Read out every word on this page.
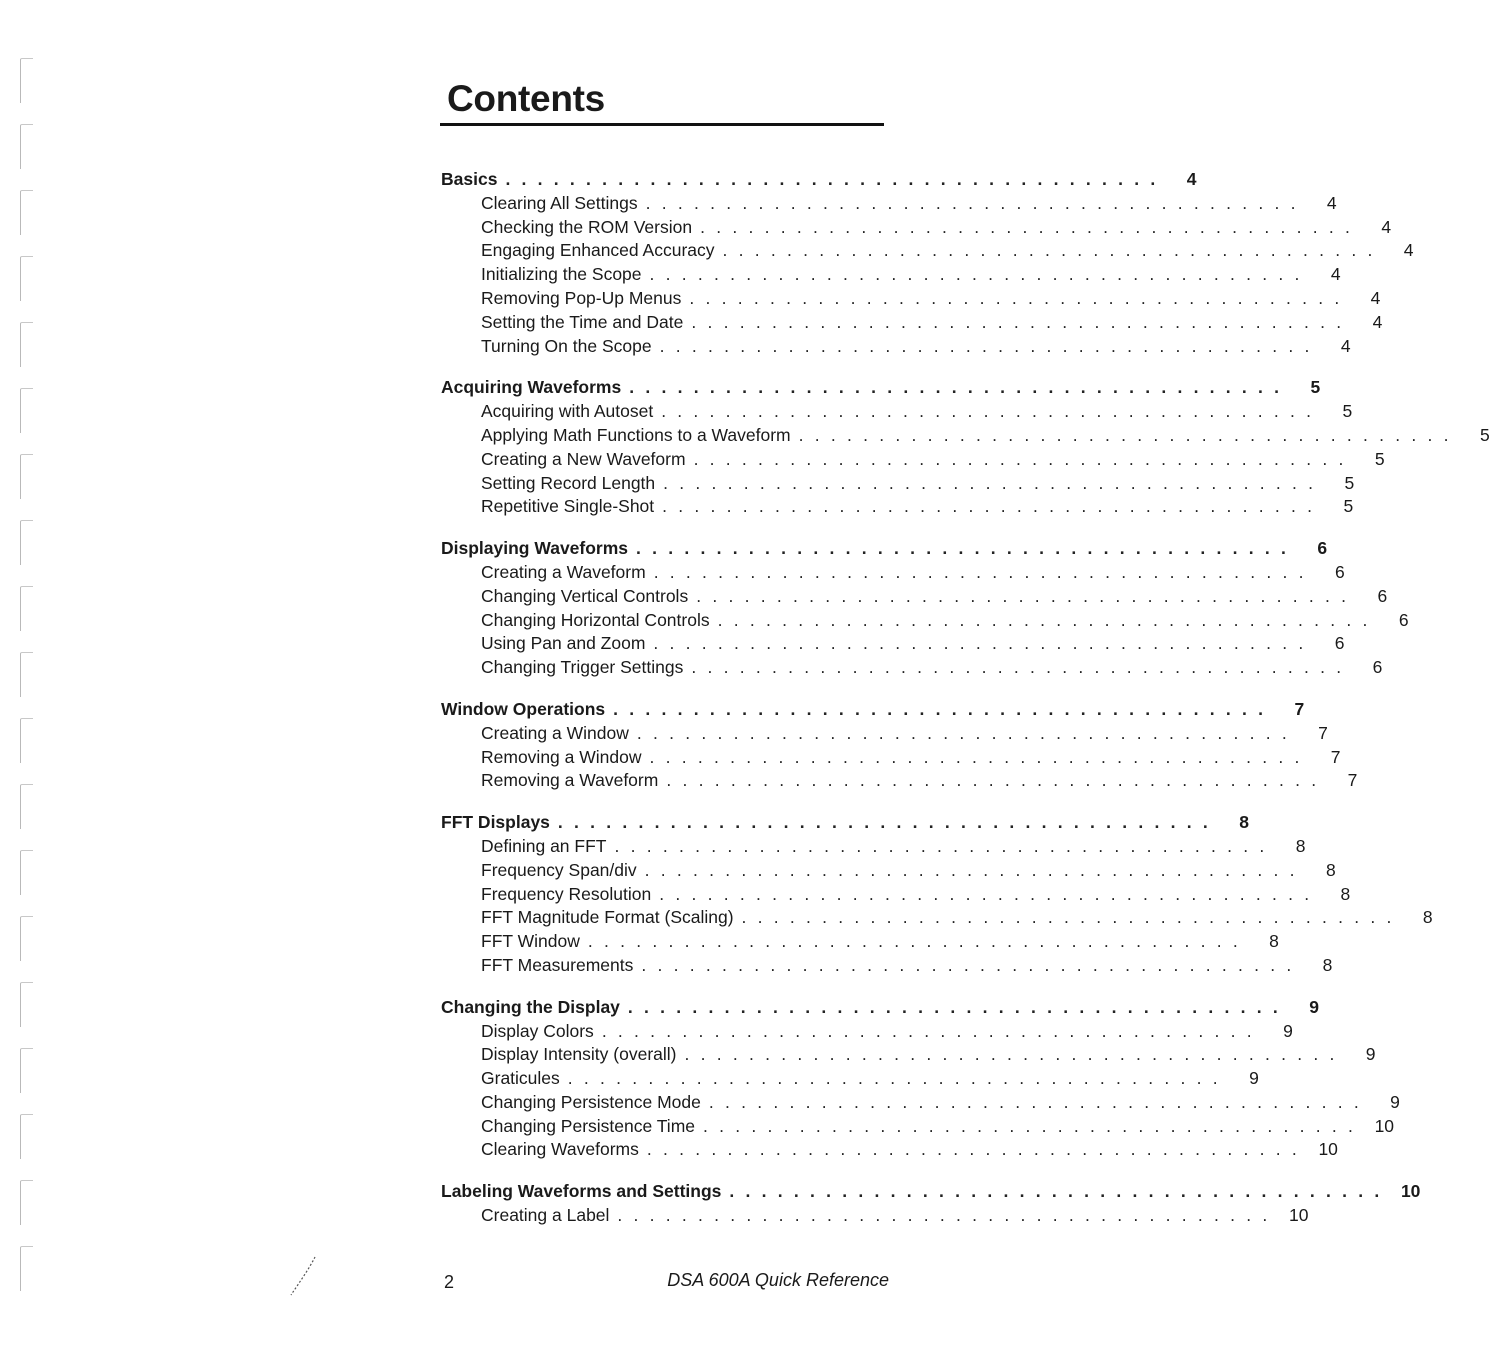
Contents
Basics . . . . . . . . . . . . . . . . . . . . . . . . . . . . . . . . . . . . . . . . .	4
Clearing All Settings . . . . . . . . . . . . . . . . . . . . . . . . . . . . . . . . . . . . . . . . .	4
Checking the ROM Version . . . . . . . . . . . . . . . . . . . . . . . . . . . . . . . . . . . . . . . . .	4
Engaging Enhanced Accuracy . . . . . . . . . . . . . . . . . . . . . . . . . . . . . . . . . . . . . . . . .	4
Initializing the Scope . . . . . . . . . . . . . . . . . . . . . . . . . . . . . . . . . . . . . . . . .	4
Removing Pop-Up Menus . . . . . . . . . . . . . . . . . . . . . . . . . . . . . . . . . . . . . . . . .	4
Setting the Time and Date . . . . . . . . . . . . . . . . . . . . . . . . . . . . . . . . . . . . . . . . .	4
Turning On the Scope . . . . . . . . . . . . . . . . . . . . . . . . . . . . . . . . . . . . . . . . .	4
Acquiring Waveforms . . . . . . . . . . . . . . . . . . . . . . . . . . . . . . . . . . . . . . . . .	5
Acquiring with Autoset . . . . . . . . . . . . . . . . . . . . . . . . . . . . . . . . . . . . . . . . .	5
Applying Math Functions to a Waveform . . . . . . . . . . . . . . . . . . . . . . . . . . . . . . . . . . . . . . . . .	5
Creating a New Waveform . . . . . . . . . . . . . . . . . . . . . . . . . . . . . . . . . . . . . . . . .	5
Setting Record Length . . . . . . . . . . . . . . . . . . . . . . . . . . . . . . . . . . . . . . . . .	5
Repetitive Single-Shot . . . . . . . . . . . . . . . . . . . . . . . . . . . . . . . . . . . . . . . . .	5
Displaying Waveforms . . . . . . . . . . . . . . . . . . . . . . . . . . . . . . . . . . . . . . . . .	6
Creating a Waveform . . . . . . . . . . . . . . . . . . . . . . . . . . . . . . . . . . . . . . . . .	6
Changing Vertical Controls . . . . . . . . . . . . . . . . . . . . . . . . . . . . . . . . . . . . . . . . .	6
Changing Horizontal Controls . . . . . . . . . . . . . . . . . . . . . . . . . . . . . . . . . . . . . . . . .	6
Using Pan and Zoom . . . . . . . . . . . . . . . . . . . . . . . . . . . . . . . . . . . . . . . . .	6
Changing Trigger Settings . . . . . . . . . . . . . . . . . . . . . . . . . . . . . . . . . . . . . . . . .	6
Window Operations . . . . . . . . . . . . . . . . . . . . . . . . . . . . . . . . . . . . . . . . .	7
Creating a Window . . . . . . . . . . . . . . . . . . . . . . . . . . . . . . . . . . . . . . . . .	7
Removing a Window . . . . . . . . . . . . . . . . . . . . . . . . . . . . . . . . . . . . . . . . .	7
Removing a Waveform . . . . . . . . . . . . . . . . . . . . . . . . . . . . . . . . . . . . . . . . .	7
FFT Displays . . . . . . . . . . . . . . . . . . . . . . . . . . . . . . . . . . . . . . . . .	8
Defining an FFT . . . . . . . . . . . . . . . . . . . . . . . . . . . . . . . . . . . . . . . . .	8
Frequency Span/div . . . . . . . . . . . . . . . . . . . . . . . . . . . . . . . . . . . . . . . . .	8
Frequency Resolution . . . . . . . . . . . . . . . . . . . . . . . . . . . . . . . . . . . . . . . . .	8
FFT Magnitude Format (Scaling) . . . . . . . . . . . . . . . . . . . . . . . . . . . . . . . . . . . . . . . . .	8
FFT Window . . . . . . . . . . . . . . . . . . . . . . . . . . . . . . . . . . . . . . . . .	8
FFT Measurements . . . . . . . . . . . . . . . . . . . . . . . . . . . . . . . . . . . . . . . . .	8
Changing the Display . . . . . . . . . . . . . . . . . . . . . . . . . . . . . . . . . . . . . . . . .	9
Display Colors . . . . . . . . . . . . . . . . . . . . . . . . . . . . . . . . . . . . . . . . .	9
Display Intensity (overall) . . . . . . . . . . . . . . . . . . . . . . . . . . . . . . . . . . . . . . . . .	9
Graticules . . . . . . . . . . . . . . . . . . . . . . . . . . . . . . . . . . . . . . . . .	9
Changing Persistence Mode . . . . . . . . . . . . . . . . . . . . . . . . . . . . . . . . . . . . . . . . .	9
Changing Persistence Time . . . . . . . . . . . . . . . . . . . . . . . . . . . . . . . . . . . . . . . . .	10
Clearing Waveforms . . . . . . . . . . . . . . . . . . . . . . . . . . . . . . . . . . . . . . . . .	10
Labeling Waveforms and Settings . . . . . . . . . . . . . . . . . . . . . . . . . . . . . . . . . . . . . . . . .	10
Creating a Label . . . . . . . . . . . . . . . . . . . . . . . . . . . . . . . . . . . . . . . . .	10
2	DSA 600A Quick Reference
